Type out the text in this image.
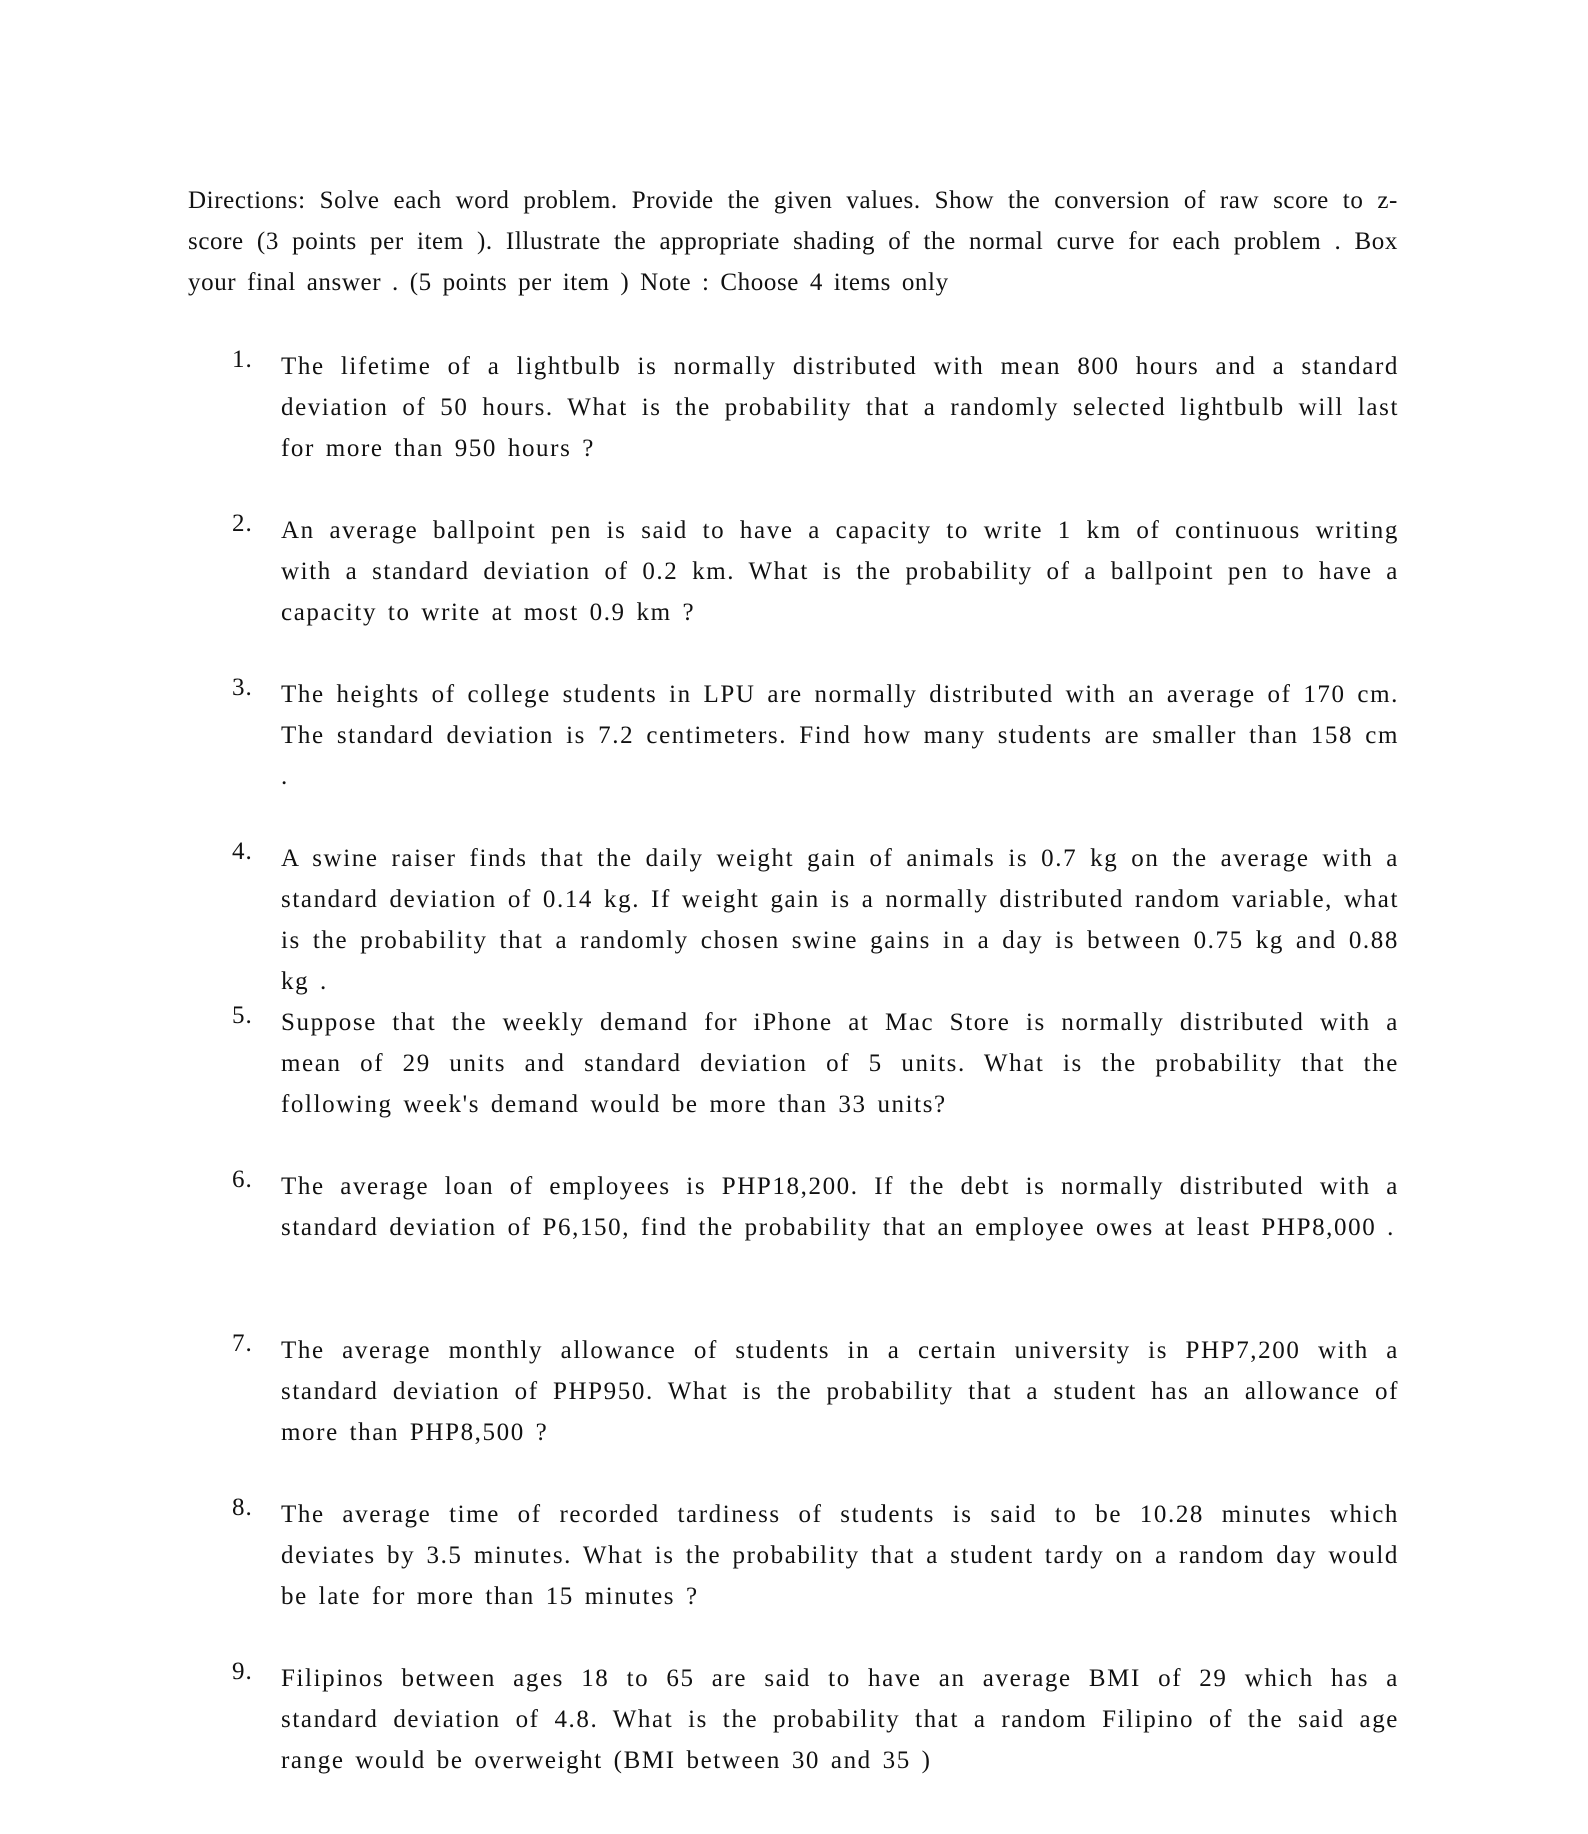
Directions: Solve each word problem. Provide the given values. Show the conversion of raw score to z-score (3 points per item ). Illustrate the appropriate shading of the normal curve for each problem . Box your final answer . (5 points per item ) Note : Choose 4 items only

1. The lifetime of a lightbulb is normally distributed with mean 800 hours and a standard deviation of 50 hours. What is the probability that a randomly selected lightbulb will last for more than 950 hours ?

2. An average ballpoint pen is said to have a capacity to write 1 km of continuous writing with a standard deviation of 0.2 km. What is the probability of a ballpoint pen to have a capacity to write at most 0.9 km ?

3. The heights of college students in LPU are normally distributed with an average of 170 cm. The standard deviation is 7.2 centimeters. Find how many students are smaller than 158 cm .

4. A swine raiser finds that the daily weight gain of animals is 0.7 kg on the average with a standard deviation of 0.14 kg. If weight gain is a normally distributed random variable, what is the probability that a randomly chosen swine gains in a day is between 0.75 kg and 0.88 kg .

5. Suppose that the weekly demand for iPhone at Mac Store is normally distributed with a mean of 29 units and standard deviation of 5 units. What is the probability that the following week's demand would be more than 33 units?

6. The average loan of employees is PHP18,200. If the debt is normally distributed with a standard deviation of P6,150, find the probability that an employee owes at least PHP8,000 .

7. The average monthly allowance of students in a certain university is PHP7,200 with a standard deviation of PHP950. What is the probability that a student has an allowance of more than PHP8,500 ?

8. The average time of recorded tardiness of students is said to be 10.28 minutes which deviates by 3.5 minutes. What is the probability that a student tardy on a random day would be late for more than 15 minutes ?

9. Filipinos between ages 18 to 65 are said to have an average BMI of 29 which has a standard deviation of 4.8. What is the probability that a random Filipino of the said age range would be overweight (BMI between 30 and 35 )
